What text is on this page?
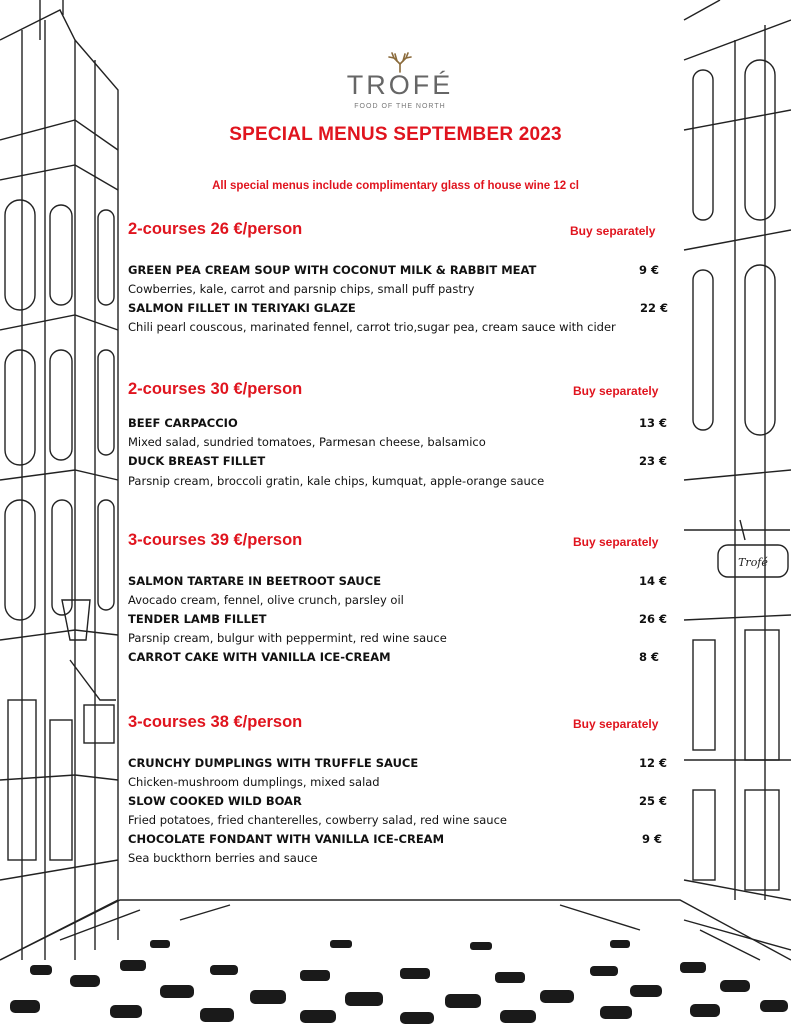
Trofé
TROFÉ
FOOD OF THE NORTH
SPECIAL MENUS SEPTEMBER 2023
All special menus include complimentary glass of house wine 12 cl
2-courses 26 €/person	Buy separately
GREEN PEA CREAM SOUP WITH COCONUT MILK & RABBIT MEAT	9 €
Cowberries, kale, carrot and parsnip chips, small puff pastry
SALMON FILLET IN TERIYAKI GLAZE	22 €
Chili pearl couscous, marinated fennel, carrot trio,sugar pea, cream sauce with cider
2-courses 30 €/person	Buy separately
BEEF CARPACCIO	13 €
Mixed salad, sundried tomatoes, Parmesan cheese, balsamico
DUCK BREAST FILLET	23 €
Parsnip cream, broccoli gratin, kale chips, kumquat, apple-orange sauce
3-courses 39 €/person	Buy separately
SALMON TARTARE IN BEETROOT SAUCE	14 €
Avocado cream, fennel, olive crunch, parsley oil
TENDER LAMB FILLET	26 €
Parsnip cream, bulgur with peppermint, red wine sauce
CARROT CAKE WITH VANILLA ICE-CREAM	8 €
3-courses 38 €/person	Buy separately
CRUNCHY DUMPLINGS WITH TRUFFLE SAUCE	12 €
Chicken-mushroom dumplings, mixed salad
SLOW COOKED WILD BOAR	25 €
Fried potatoes, fried chanterelles, cowberry salad, red wine sauce
CHOCOLATE FONDANT WITH VANILLA ICE-CREAM	9 €
Sea buckthorn berries and sauce
